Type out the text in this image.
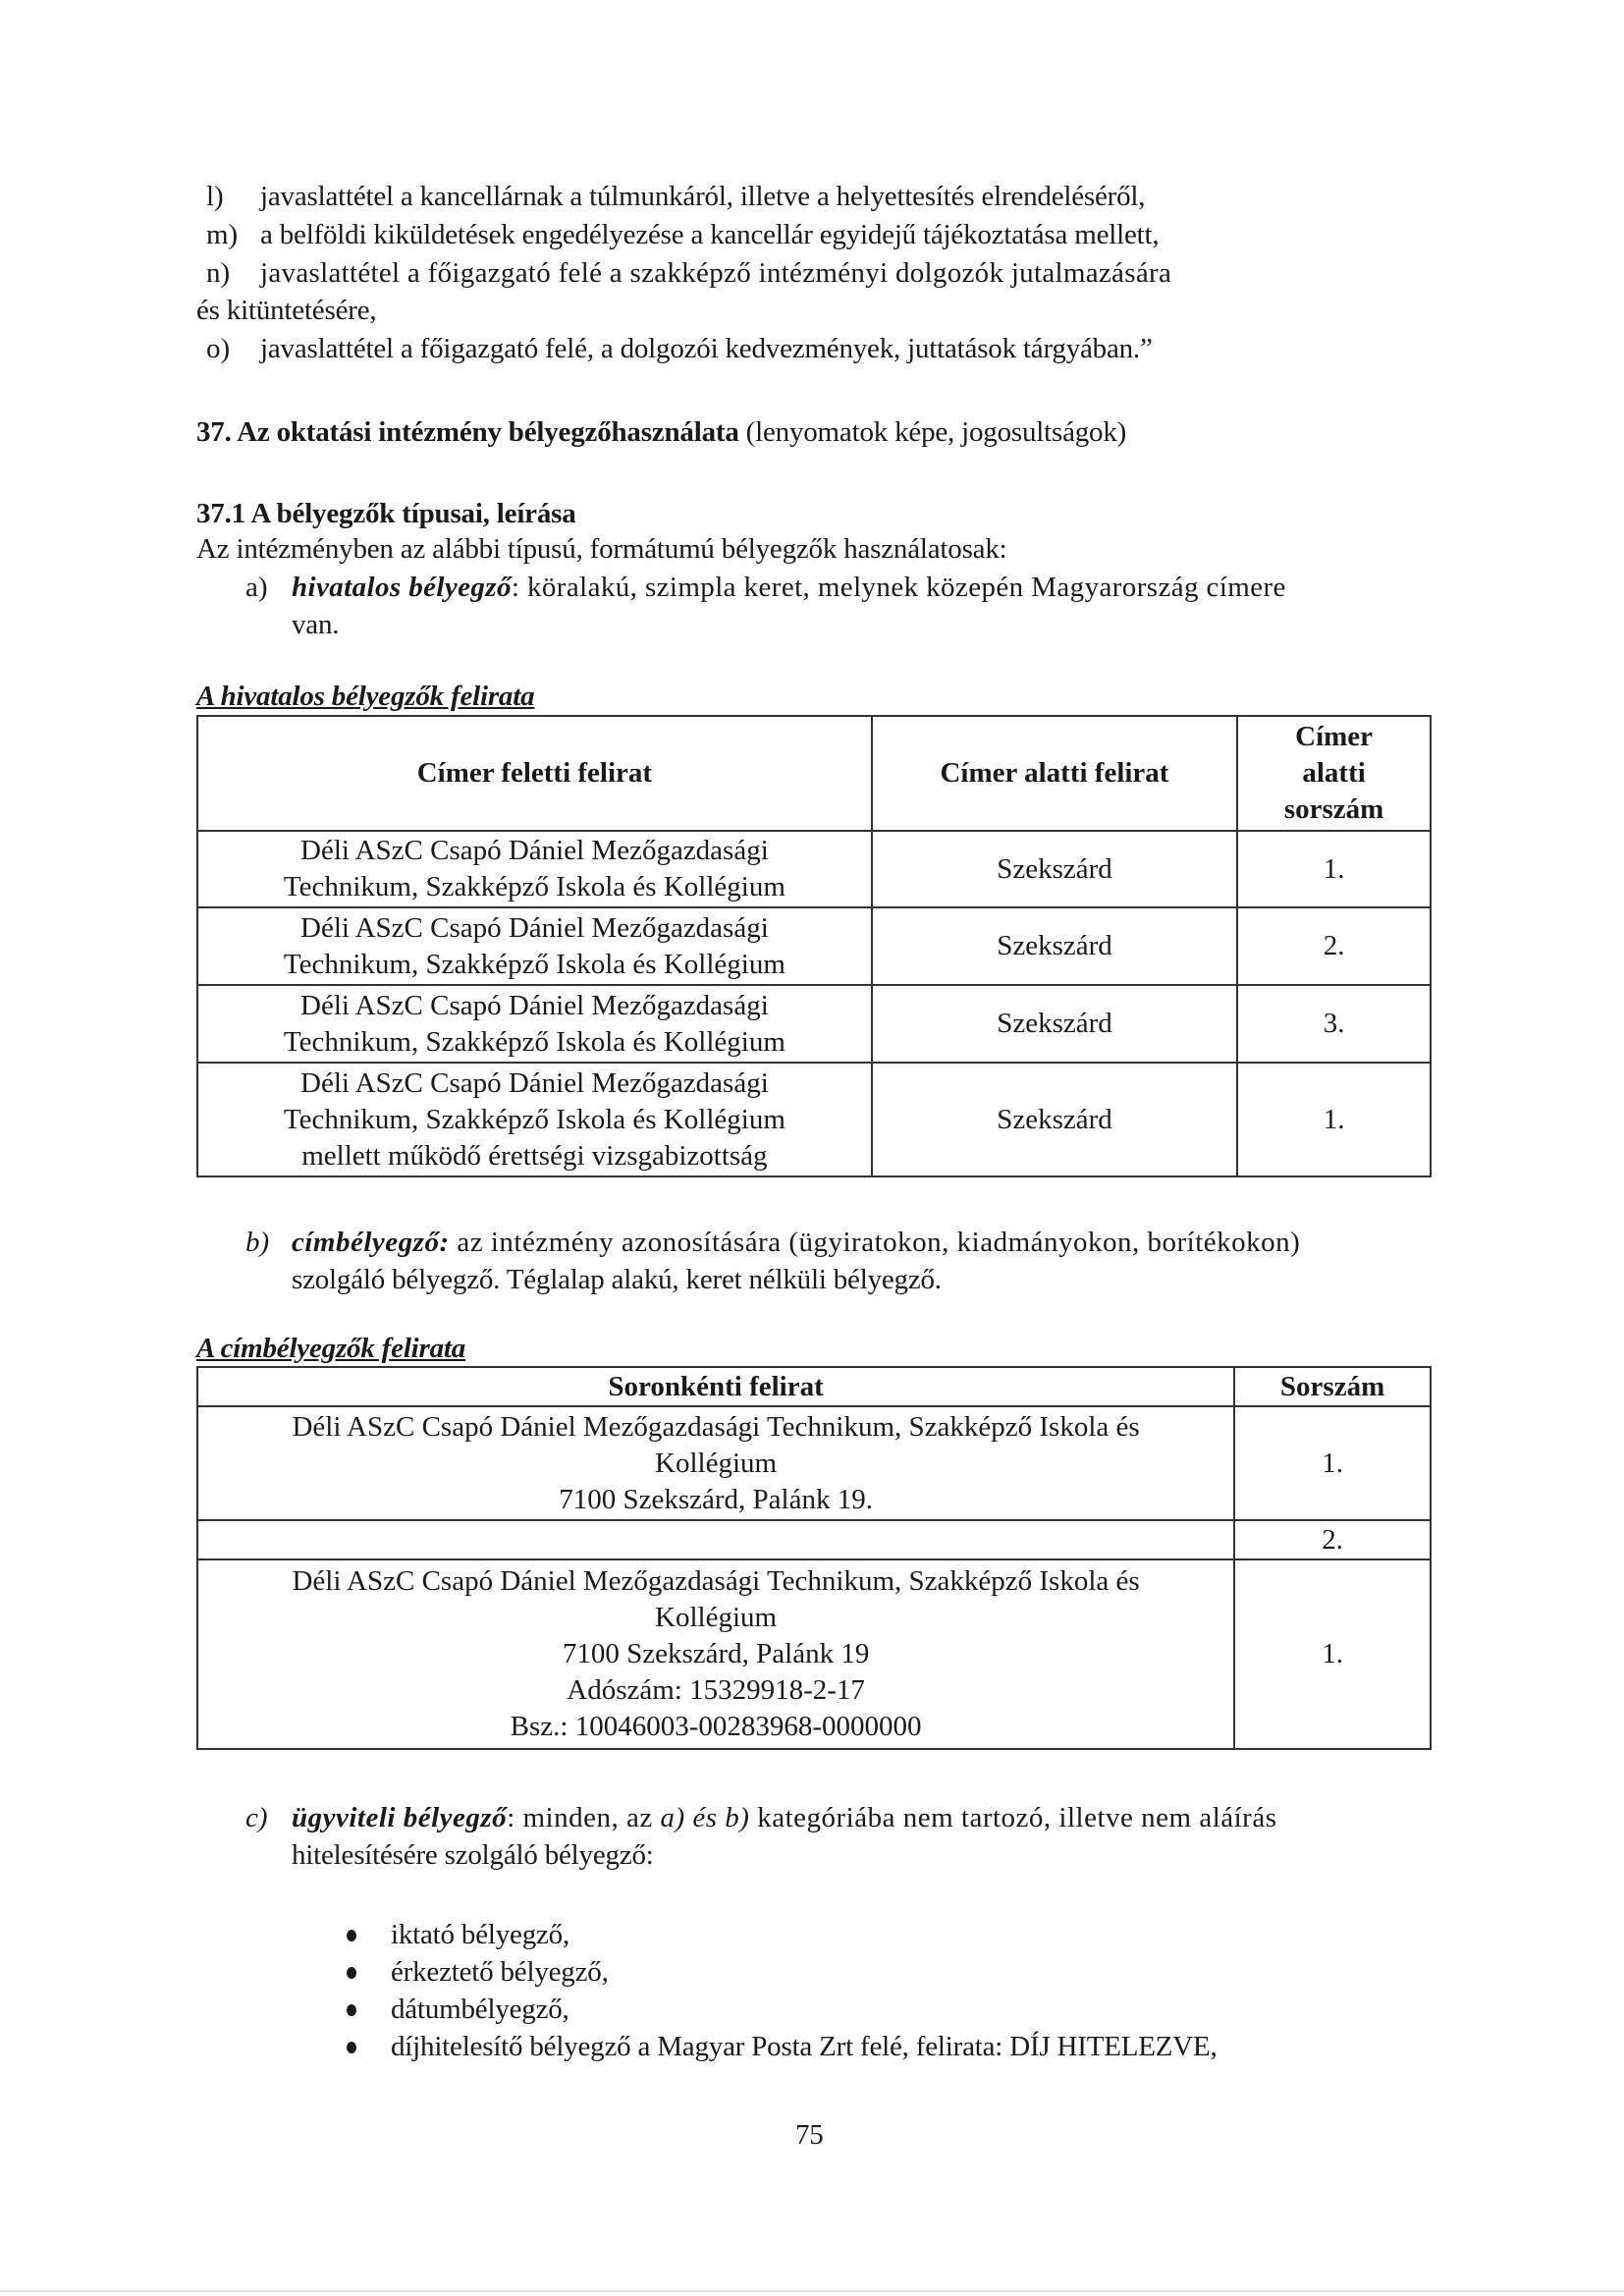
l) javaslattétel a kancellárnak a túlmunkáról, illetve a helyettesítés elrendeléséről,
m) a belföldi kiküldetések engedélyezése a kancellár egyidejű tájékoztatása mellett,
n) javaslattétel a főigazgató felé a szakképző intézményi dolgozók jutalmazására
és kitüntetésére,
o) javaslattétel a főigazgató felé, a dolgozói kedvezmények, juttatások tárgyában.”
37. Az oktatási intézmény bélyegzőhasználata (lenyomatok képe, jogosultságok)
37.1 A bélyegzők típusai, leírása
Az intézményben az alábbi típusú, formátumú bélyegzők használatosak:
a) hivatalos bélyegző: köralakú, szimpla keret, melynek közepén Magyarország címere
van.
A hivatalos bélyegzők felirata
Címer feletti felirat	Címer alatti felirat	Címer
alatti
sorszám

Déli ASzC Csapó Dániel Mezőgazdasági
Technikum, Szakképző Iskola és Kollégium	Szekszárd	1.

Déli ASzC Csapó Dániel Mezőgazdasági
Technikum, Szakképző Iskola és Kollégium	Szekszárd	2.

Déli ASzC Csapó Dániel Mezőgazdasági
Technikum, Szakképző Iskola és Kollégium	Szekszárd	3.

Déli ASzC Csapó Dániel Mezőgazdasági
Technikum, Szakképző Iskola és Kollégium
mellett működő érettségi vizsgabizottság	Szekszárd	1.
b) címbélyegző: az intézmény azonosítására (ügyiratokon, kiadmányokon, borítékokon)
szolgáló bélyegző. Téglalap alakú, keret nélküli bélyegző.
A címbélyegzők felirata
Soronkénti felirat	Sorszám

Déli ASzC Csapó Dániel Mezőgazdasági Technikum, Szakképző Iskola és
Kollégium
7100 Szekszárd, Palánk 19.	1.
	2.

Déli ASzC Csapó Dániel Mezőgazdasági Technikum, Szakképző Iskola és
Kollégium
7100 Szekszárd, Palánk 19
Adószám: 15329918-2-17
Bsz.: 10046003-00283968-0000000	1.
c) ügyviteli bélyegző: minden, az a) és b) kategóriába nem tartozó, illetve nem aláírás
hitelesítésére szolgáló bélyegző:
iktató bélyegző,
érkeztető bélyegző,
dátumbélyegző,
díjhitelesítő bélyegző a Magyar Posta Zrt felé, felirata: DÍJ HITELEZVE,
75
